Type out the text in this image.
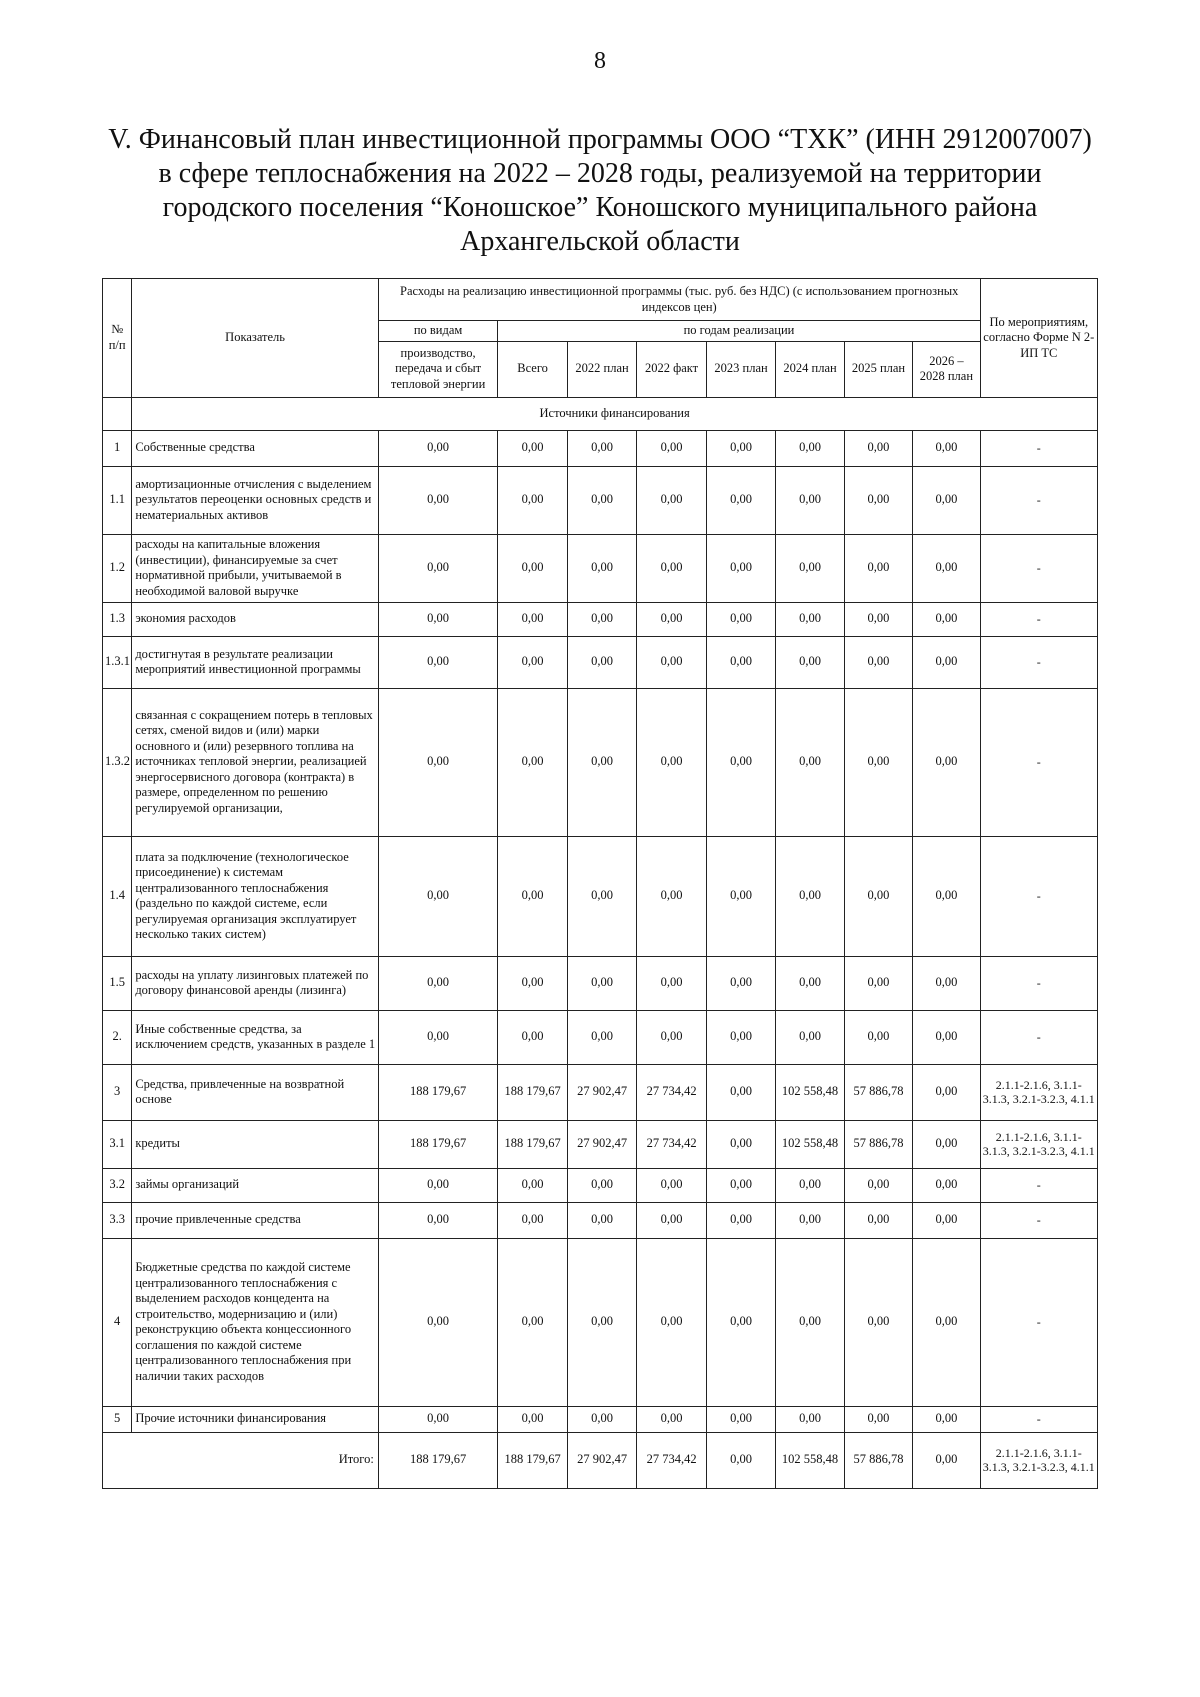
8
V. Финансовый план инвестиционной программы ООО “ТХК” (ИНН 2912007007)
в сфере теплоснабжения на 2022 – 2028 годы, реализуемой на территории
городского поселения “Коношское” Коношского муниципального района
Архангельской области
№ п/п	Показатель	Расходы на реализацию инвестиционной программы (тыс. руб. без НДС) (с использованием прогнозных индексов цен)								По мероприятиям, согласно Форме N 2-ИП ТС
		по видам	по годам реализации							
		производство, передача и сбыт тепловой энергии	Всего	2022 план	2022 факт	2023 план	2024 план	2025 план	2026 – 2028 план	
	Источники финансирования									
1	Собственные средства	0,00	0,00	0,00	0,00	0,00	0,00	0,00	0,00	-
1.1	амортизационные отчисления с выделением результатов переоценки основных средств и нематериальных активов	0,00	0,00	0,00	0,00	0,00	0,00	0,00	0,00	-
1.2	расходы на капитальные вложения (инвестиции), финансируемые за счет нормативной прибыли, учитываемой в необходимой валовой выручке	0,00	0,00	0,00	0,00	0,00	0,00	0,00	0,00	-
1.3	экономия расходов	0,00	0,00	0,00	0,00	0,00	0,00	0,00	0,00	-
1.3.1	достигнутая в результате реализации мероприятий инвестиционной программы	0,00	0,00	0,00	0,00	0,00	0,00	0,00	0,00	-
1.3.2	связанная с сокращением потерь в тепловых сетях, сменой видов и (или) марки основного и (или) резервного топлива на источниках тепловой энергии, реализацией энергосервисного договора (контракта) в размере, определенном по решению регулируемой организации,	0,00	0,00	0,00	0,00	0,00	0,00	0,00	0,00	-
1.4	плата за подключение (технологическое присоединение) к системам централизованного теплоснабжения (раздельно по каждой системе, если регулируемая организация эксплуатирует несколько таких систем)	0,00	0,00	0,00	0,00	0,00	0,00	0,00	0,00	-
1.5	расходы на уплату лизинговых платежей по договору финансовой аренды (лизинга)	0,00	0,00	0,00	0,00	0,00	0,00	0,00	0,00	-
2.	Иные собственные средства, за исключением средств, указанных в разделе 1	0,00	0,00	0,00	0,00	0,00	0,00	0,00	0,00	-
3	Средства, привлеченные на возвратной основе	188 179,67	188 179,67	27 902,47	27 734,42	0,00	102 558,48	57 886,78	0,00	2.1.1-2.1.6, 3.1.1-3.1.3, 3.2.1-3.2.3, 4.1.1
3.1	кредиты	188 179,67	188 179,67	27 902,47	27 734,42	0,00	102 558,48	57 886,78	0,00	2.1.1-2.1.6, 3.1.1-3.1.3, 3.2.1-3.2.3, 4.1.1
3.2	займы организаций	0,00	0,00	0,00	0,00	0,00	0,00	0,00	0,00	-
3.3	прочие привлеченные средства	0,00	0,00	0,00	0,00	0,00	0,00	0,00	0,00	-
4	Бюджетные средства по каждой системе централизованного теплоснабжения с выделением расходов концедента на строительство, модернизацию и (или) реконструкцию объекта концессионного соглашения по каждой системе централизованного теплоснабжения при наличии таких расходов	0,00	0,00	0,00	0,00	0,00	0,00	0,00	0,00	-
5	Прочие источники финансирования	0,00	0,00	0,00	0,00	0,00	0,00	0,00	0,00	-
Итого:		188 179,67	188 179,67	27 902,47	27 734,42	0,00	102 558,48	57 886,78	0,00	2.1.1-2.1.6, 3.1.1-3.1.3, 3.2.1-3.2.3, 4.1.1
